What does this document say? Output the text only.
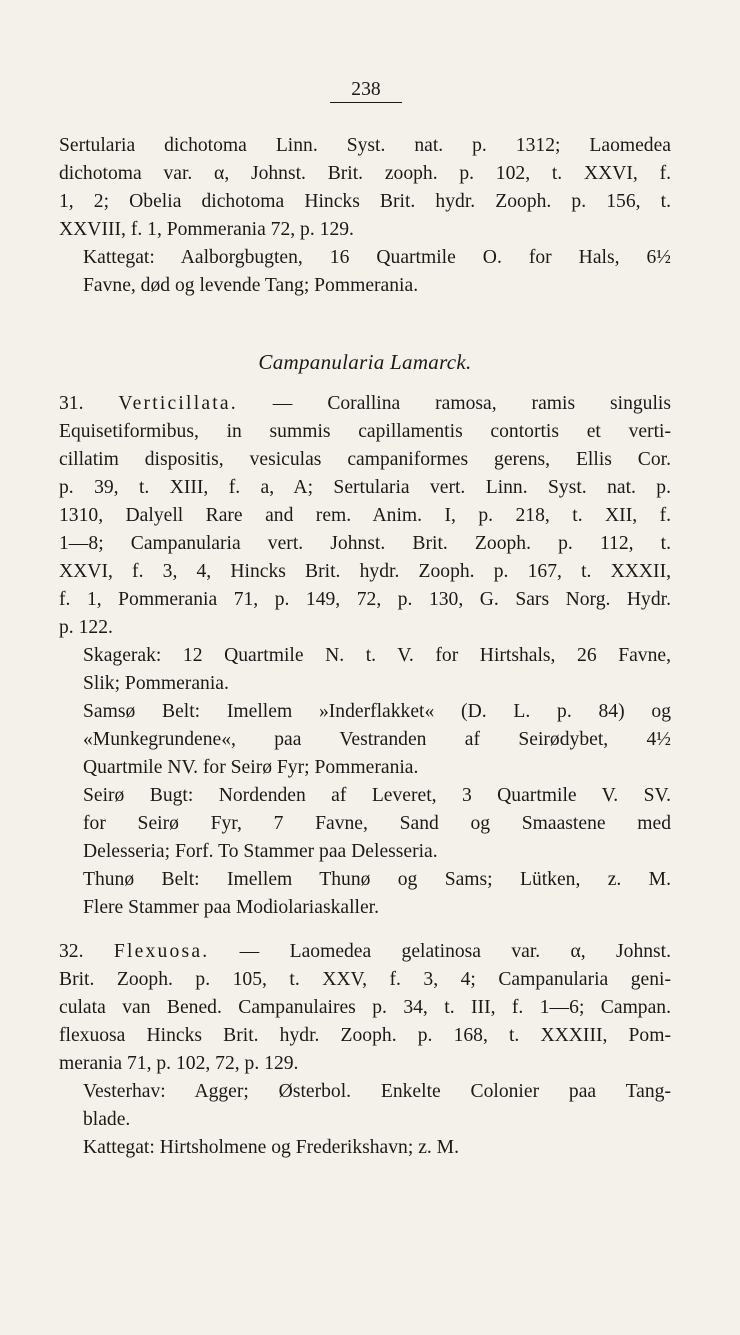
238
Sertularia dichotoma Linn. Syst. nat. p. 1312; Laomedea
dichotoma var. α, Johnst. Brit. zooph. p. 102, t. XXVI, f.
1, 2; Obelia dichotoma Hincks Brit. hydr. Zooph. p. 156, t.
XXVIII, f. 1, Pommerania 72, p. 129.
Kattegat: Aalborgbugten, 16 Quartmile O. for Hals, 6½
Favne, død og levende Tang; Pommerania.
Campanularia Lamarck.
31. Verticillata. — Corallina ramosa, ramis singulis
Equisetiformibus, in summis capillamentis contortis et verti-
cillatim dispositis, vesiculas campaniformes gerens, Ellis Cor.
p. 39, t. XIII, f. a, A; Sertularia vert. Linn. Syst. nat. p.
1310, Dalyell Rare and rem. Anim. I, p. 218, t. XII, f.
1—8; Campanularia vert. Johnst. Brit. Zooph. p. 112, t.
XXVI, f. 3, 4, Hincks Brit. hydr. Zooph. p. 167, t. XXXII,
f. 1, Pommerania 71, p. 149, 72, p. 130, G. Sars Norg. Hydr.
p. 122.
Skagerak: 12 Quartmile N. t. V. for Hirtshals, 26 Favne,
Slik; Pommerania.
Samsø Belt: Imellem »Inderflakket« (D. L. p. 84) og
«Munkegrundene«, paa Vestranden af Seirødybet, 4½
Quartmile NV. for Seirø Fyr; Pommerania.
Seirø Bugt: Nordenden af Leveret, 3 Quartmile V. SV.
for Seirø Fyr, 7 Favne, Sand og Smaastene med
Delesseria; Forf. To Stammer paa Delesseria.
Thunø Belt: Imellem Thunø og Sams; Lütken, z. M.
Flere Stammer paa Modiolariaskaller.
32. Flexuosa. — Laomedea gelatinosa var. α, Johnst.
Brit. Zooph. p. 105, t. XXV, f. 3, 4; Campanularia geni-
culata van Bened. Campanulaires p. 34, t. III, f. 1—6; Campan.
flexuosa Hincks Brit. hydr. Zooph. p. 168, t. XXXIII, Pom-
merania 71, p. 102, 72, p. 129.
Vesterhav: Agger; Østerbol. Enkelte Colonier paa Tang-
blade.
Kattegat: Hirtsholmene og Frederikshavn; z. M.
